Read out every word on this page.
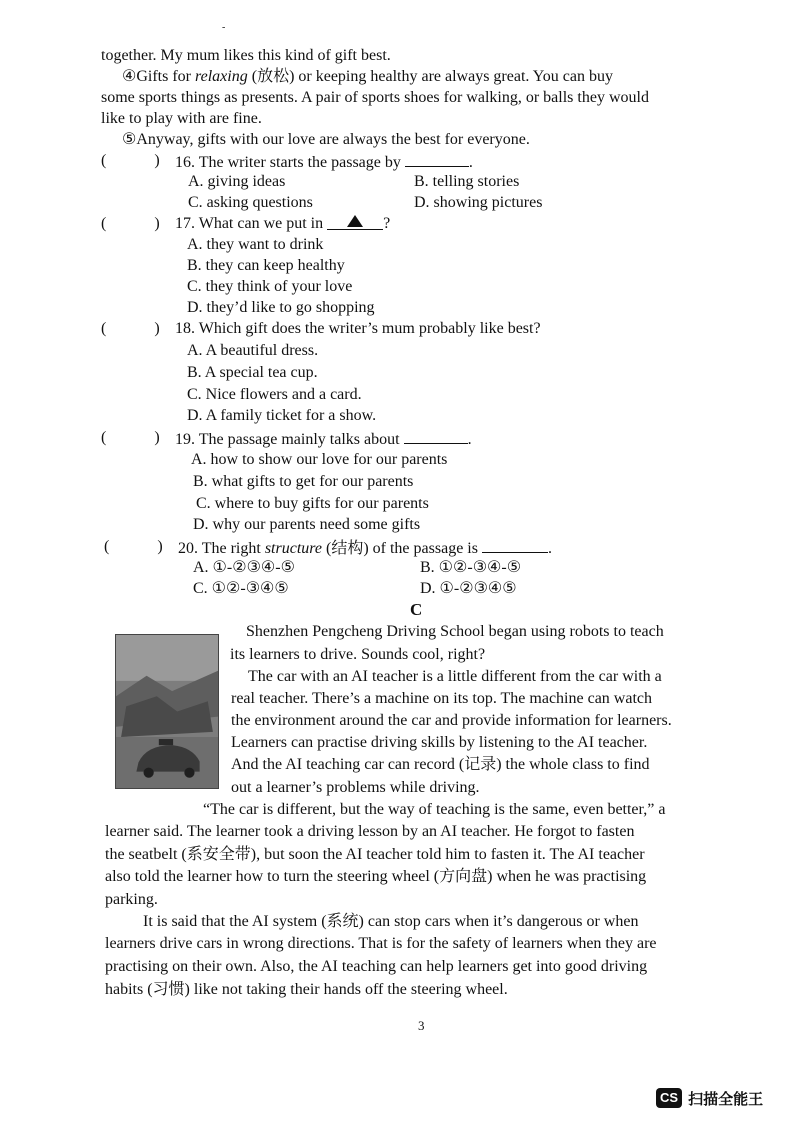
-
together. My mum likes this kind of gift best.
④Gifts for relaxing (放松) or keeping healthy are always great. You can buy
some sports things as presents. A pair of sports shoes for walking, or balls they would
like to play with are fine.
⑤Anyway, gifts with our love are always the best for everyone.
(            ) 16. The writer starts the passage by	.
A. giving ideas	B. telling stories
C. asking questions	D. showing pictures
(            ) 17. What can we put in	?
A. they want to drink
B. they can keep healthy
C. they think of your love
D. they’d like to go shopping
(            ) 18. Which gift does the writer’s mum probably like best?
A. A beautiful dress.
B. A special tea cup.
C. Nice flowers and a card.
D. A family ticket for a show.
(            ) 19. The passage mainly talks about	.
A. how to show our love for our parents
B. what gifts to get for our parents
C. where to buy gifts for our parents
D. why our parents need some gifts
(            ) 20. The right structure (结构) of the passage is	.
A. ①-②③④-⑤	B. ①②-③④-⑤
C. ①②-③④⑤	D. ①-②③④⑤
C
Shenzhen Pengcheng Driving School began using robots to teach
its learners to drive. Sounds cool, right?
The car with an AI teacher is a little different from the car with a
real teacher. There’s a machine on its top. The machine can watch
the environment around the car and provide information for learners.
Learners can practise driving skills by listening to the AI teacher.
And the AI teaching car can record (记录) the whole class to find
out a learner’s problems while driving.
“The car is different, but the way of teaching is the same, even better,” a
learner said. The learner took a driving lesson by an AI teacher. He forgot to fasten
the seatbelt (系安全带), but soon the AI teacher told him to fasten it. The AI teacher
also told the learner how to turn the steering wheel (方向盘) when he was practising
parking.
It is said that the AI system (系统) can stop cars when it’s dangerous or when
learners drive cars in wrong directions. That is for the safety of learners when they are
practising on their own. Also, the AI teaching can help learners get into good driving
habits (习惯) like not taking their hands off the steering wheel.
3
CS 扫描全能王
